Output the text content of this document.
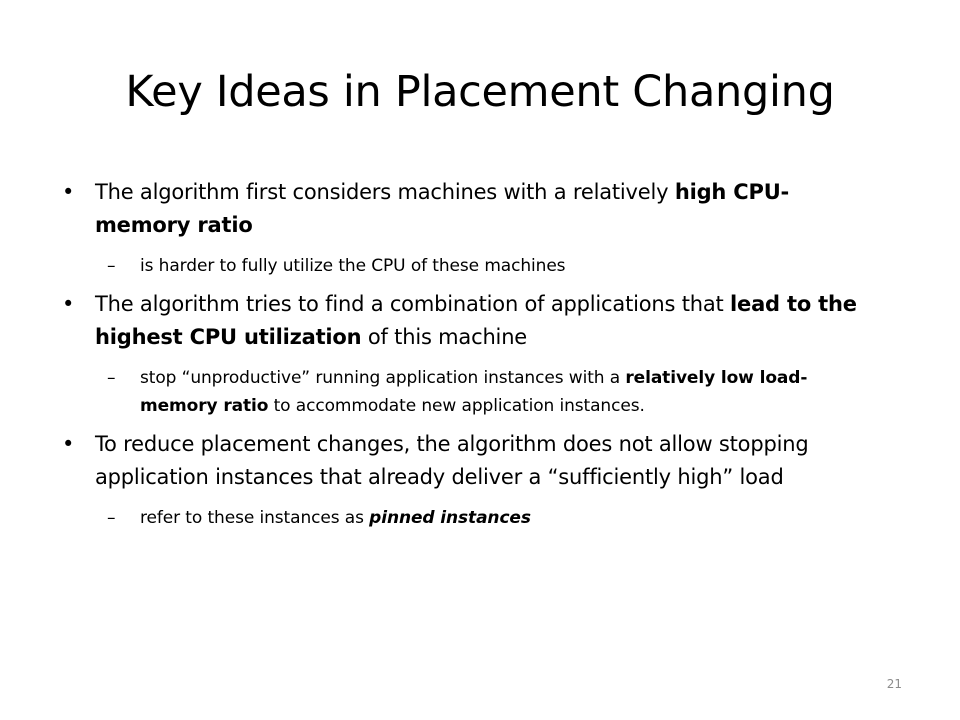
Key Ideas in Placement Changing

• The algorithm first considers machines with a relatively high CPU-memory ratio

– is harder to fully utilize the CPU of these machines

• The algorithm tries to find a combination of applications that lead to the highest CPU utilization of this machine

– stop “unproductive” running application instances with a relatively low load-memory ratio to accommodate new application instances.

• To reduce placement changes, the algorithm does not allow stopping application instances that already deliver a “sufficiently high” load

– refer to these instances as pinned instances

21
